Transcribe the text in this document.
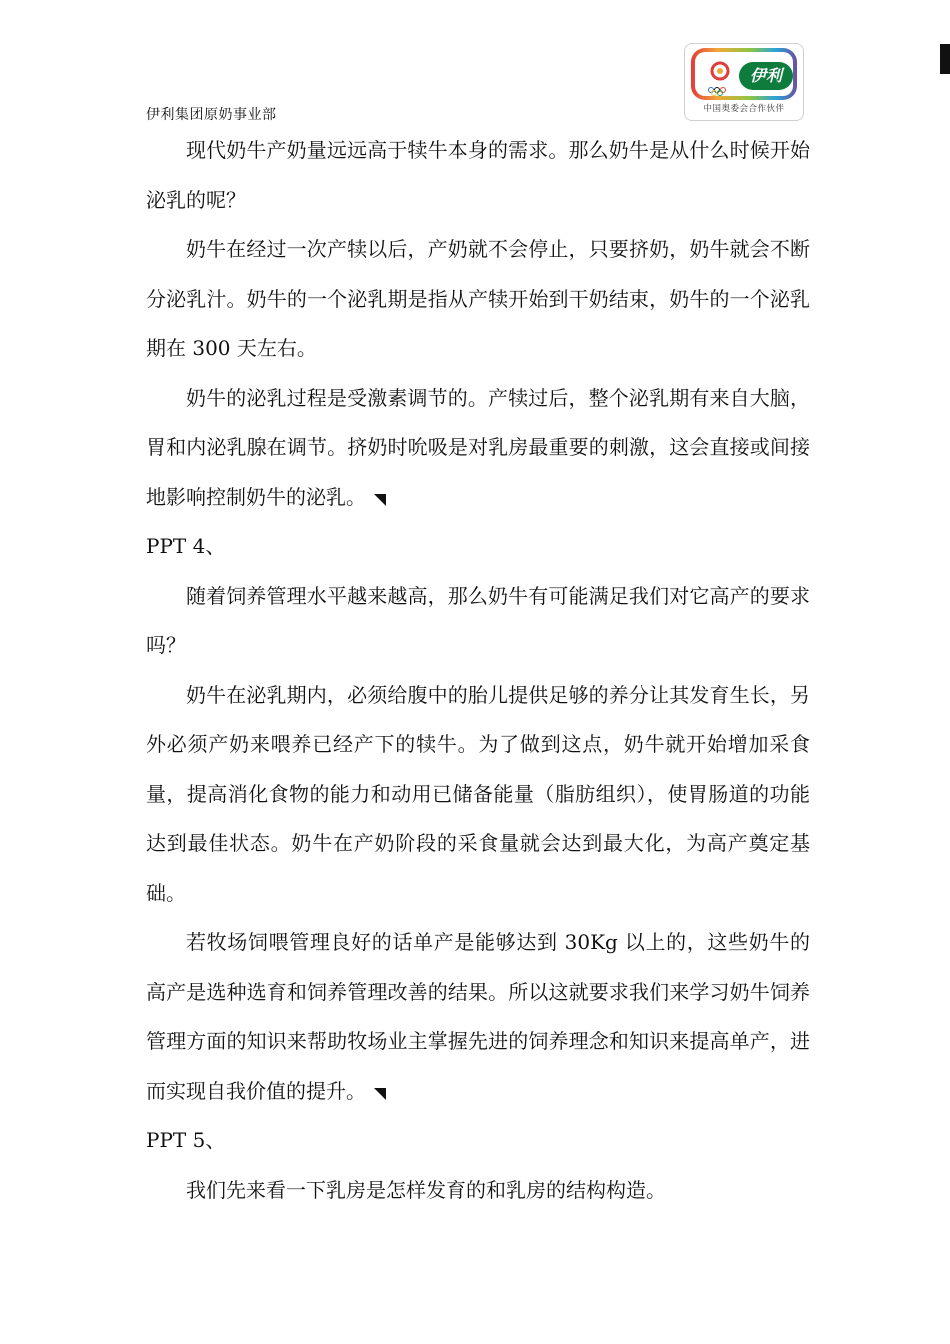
伊利集团原奶事业部
伊利
中国奥委会合作伙伴

现代奶牛产奶量远远高于犊牛本身的需求。那么奶牛是从什么时候开始泌乳的呢？

奶牛在经过一次产犊以后，产奶就不会停止，只要挤奶，奶牛就会不断分泌乳汁。奶牛的一个泌乳期是指从产犊开始到干奶结束，奶牛的一个泌乳期在 300 天左右。

奶牛的泌乳过程是受激素调节的。产犊过后，整个泌乳期有来自大脑，胃和内泌乳腺在调节。挤奶时吮吸是对乳房最重要的刺激，这会直接或间接地影响控制奶牛的泌乳。

PPT 4、

随着饲养管理水平越来越高，那么奶牛有可能满足我们对它高产的要求吗？

奶牛在泌乳期内，必须给腹中的胎儿提供足够的养分让其发育生长，另外必须产奶来喂养已经产下的犊牛。为了做到这点，奶牛就开始增加采食量，提高消化食物的能力和动用已储备能量（脂肪组织），使胃肠道的功能达到最佳状态。奶牛在产奶阶段的采食量就会达到最大化，为高产奠定基础。

若牧场饲喂管理良好的话单产是能够达到 30Kg 以上的，这些奶牛的高产是选种选育和饲养管理改善的结果。所以这就要求我们来学习奶牛饲养管理方面的知识来帮助牧场业主掌握先进的饲养理念和知识来提高单产，进而实现自我价值的提升。

PPT 5、

我们先来看一下乳房是怎样发育的和乳房的结构构造。
